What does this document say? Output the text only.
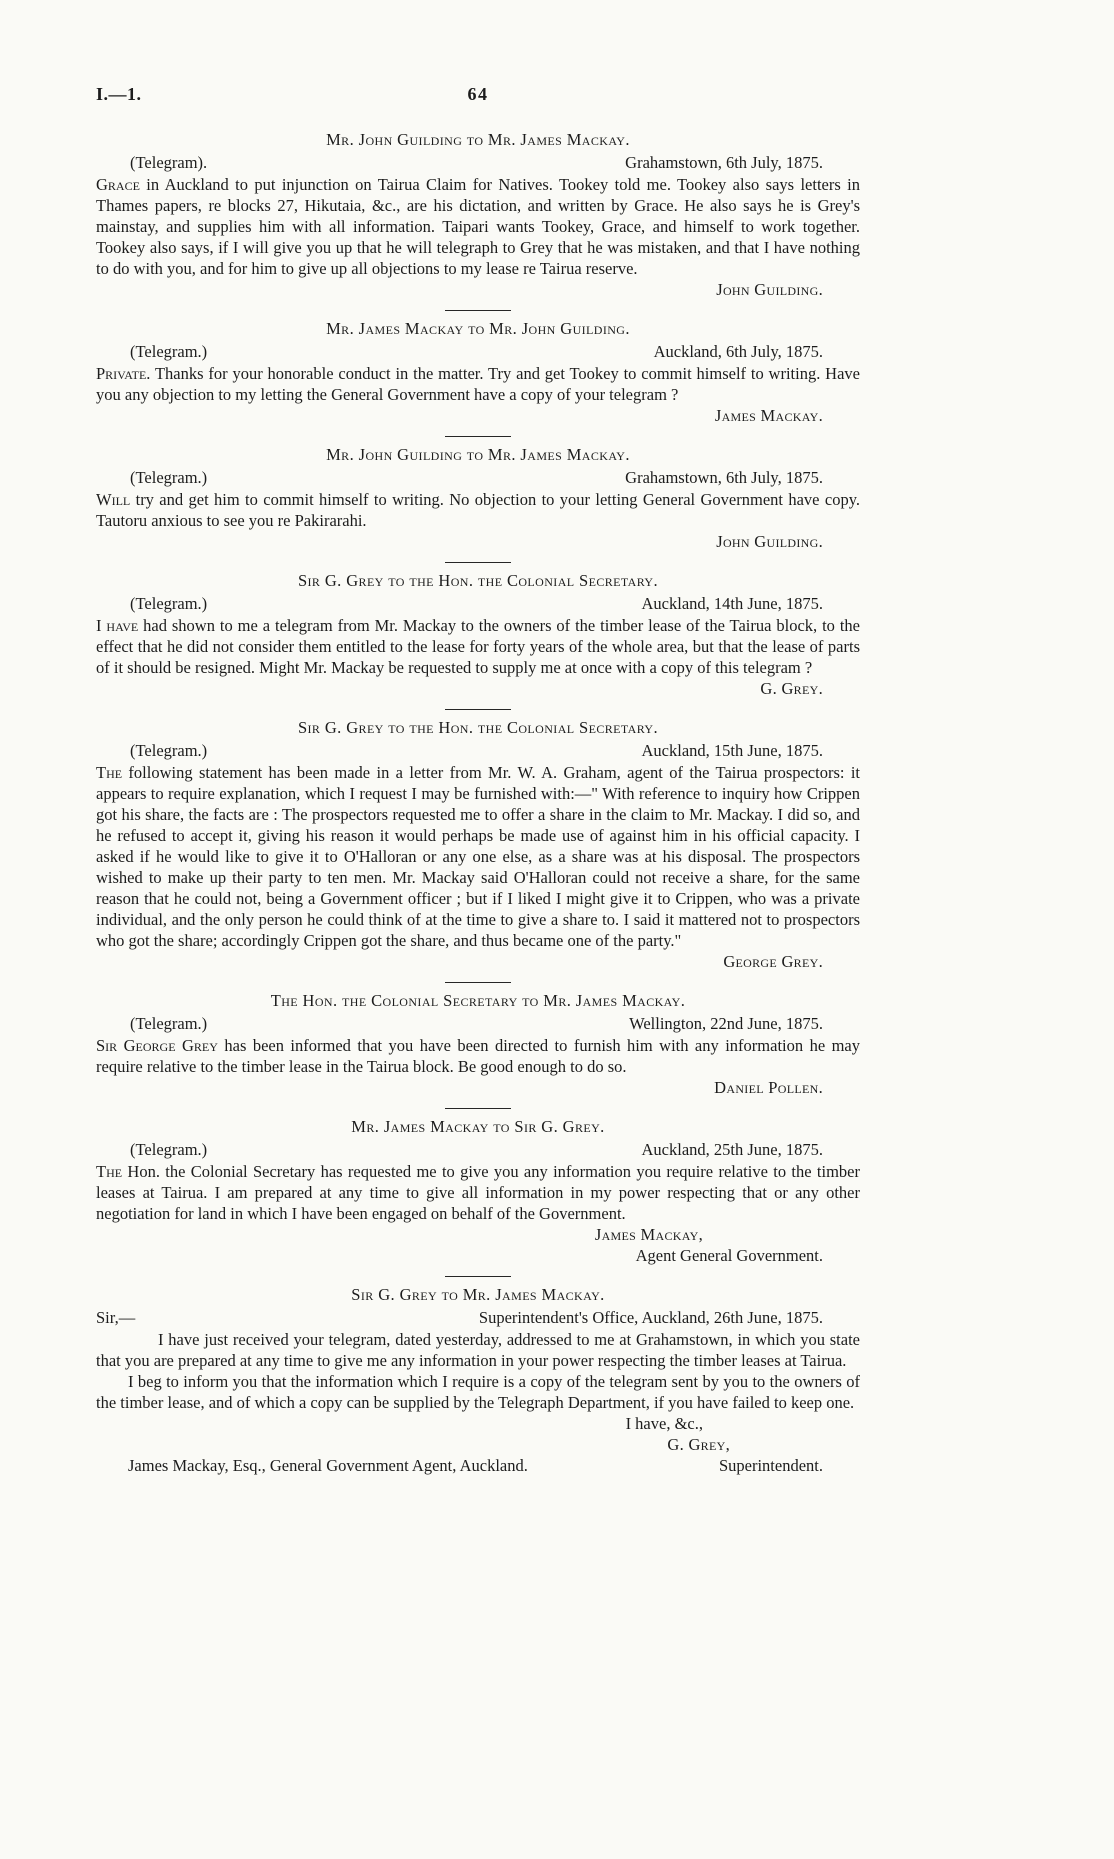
I.—1.	64
Mr. John Guilding to Mr. James Mackay.
(Telegram).	Grahamstown, 6th July, 1875.

Grace in Auckland to put injunction on Tairua Claim for Natives. Tookey told me. Tookey also says letters in Thames papers, re blocks 27, Hikutaia, &c., are his dictation, and written by Grace. He also says he is Grey's mainstay, and supplies him with all information. Taipari wants Tookey, Grace, and himself to work together. Tookey also says, if I will give you up that he will telegraph to Grey that he was mistaken, and that I have nothing to do with you, and for him to give up all objections to my lease re Tairua reserve.

John Guilding.
Mr. James Mackay to Mr. John Guilding.
(Telegram.)	Auckland, 6th July, 1875.

Private. Thanks for your honorable conduct in the matter. Try and get Tookey to commit himself to writing. Have you any objection to my letting the General Government have a copy of your telegram ?

James Mackay.
Mr. John Guilding to Mr. James Mackay.
(Telegram.)	Grahamstown, 6th July, 1875.

Will try and get him to commit himself to writing. No objection to your letting General Government have copy. Tautoru anxious to see you re Pakirarahi.

John Guilding.
Sir G. Grey to the Hon. the Colonial Secretary.
(Telegram.)	Auckland, 14th June, 1875.

I have had shown to me a telegram from Mr. Mackay to the owners of the timber lease of the Tairua block, to the effect that he did not consider them entitled to the lease for forty years of the whole area, but that the lease of parts of it should be resigned. Might Mr. Mackay be requested to supply me at once with a copy of this telegram ?

G. Grey.
Sir G. Grey to the Hon. the Colonial Secretary.
(Telegram.)	Auckland, 15th June, 1875.

The following statement has been made in a letter from Mr. W. A. Graham, agent of the Tairua prospectors: it appears to require explanation, which I request I may be furnished with:—" With reference to inquiry how Crippen got his share, the facts are : The prospectors requested me to offer a share in the claim to Mr. Mackay. I did so, and he refused to accept it, giving his reason it would perhaps be made use of against him in his official capacity. I asked if he would like to give it to O'Halloran or any one else, as a share was at his disposal. The prospectors wished to make up their party to ten men. Mr. Mackay said O'Halloran could not receive a share, for the same reason that he could not, being a Government officer ; but if I liked I might give it to Crippen, who was a private individual, and the only person he could think of at the time to give a share to. I said it mattered not to prospectors who got the share; accordingly Crippen got the share, and thus became one of the party."

George Grey.
The Hon. the Colonial Secretary to Mr. James Mackay.
(Telegram.)	Wellington, 22nd June, 1875.

Sir George Grey has been informed that you have been directed to furnish him with any information he may require relative to the timber lease in the Tairua block. Be good enough to do so.

Daniel Pollen.
Mr. James Mackay to Sir G. Grey.
(Telegram.)	Auckland, 25th June, 1875.

The Hon. the Colonial Secretary has requested me to give you any information you require relative to the timber leases at Tairua. I am prepared at any time to give all information in my power respecting that or any other negotiation for land in which I have been engaged on behalf of the Government.

James Mackay,
Agent General Government.
Sir G. Grey to Mr. James Mackay.
Sir,—	Superintendent's Office, Auckland, 26th June, 1875.

I have just received your telegram, dated yesterday, addressed to me at Grahamstown, in which you state that you are prepared at any time to give me any information in your power respecting the timber leases at Tairua.

I beg to inform you that the information which I require is a copy of the telegram sent by you to the owners of the timber lease, and of which a copy can be supplied by the Telegraph Department, if you have failed to keep one.

I have, &c.,
G. Grey,
James Mackay, Esq., General Government Agent, Auckland.	Superintendent.
